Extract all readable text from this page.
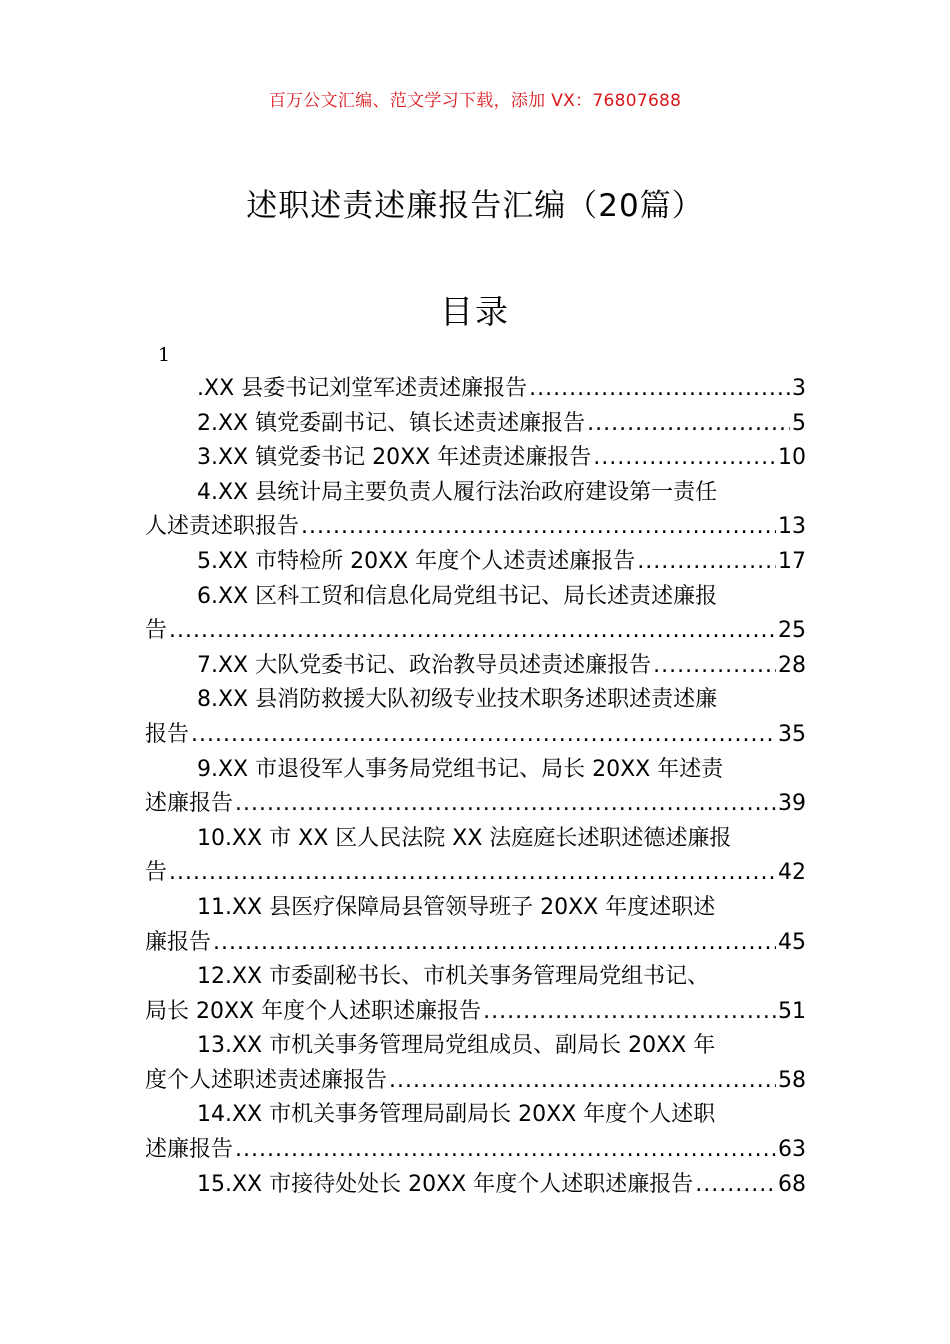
百万公文汇编、范文学习下载，添加 VX：76807688
述职述责述廉报告汇编（20篇）
目录
1
.XX 县委书记刘堂军述责述廉报告 .....	3
2.XX 镇党委副书记、镇长述责述廉报告 .....	5
3.XX 镇党委书记 20XX 年述责述廉报告 .....	10
4.XX 县统计局主要负责人履行法治政府建设第一责任
人述责述职报告 .....	13
5.XX 市特检所 20XX 年度个人述责述廉报告 .....	17
6.XX 区科工贸和信息化局党组书记、局长述责述廉报
告 .....	25
7.XX 大队党委书记、政治教导员述责述廉报告 .....	28
8.XX 县消防救援大队初级专业技术职务述职述责述廉
报告 .....	35
9.XX 市退役军人事务局党组书记、局长 20XX 年述责
述廉报告 .....	39
10.XX 市 XX 区人民法院 XX 法庭庭长述职述德述廉报
告 .....	42
11.XX 县医疗保障局县管领导班子 20XX 年度述职述
廉报告 .....	45
12.XX 市委副秘书长、市机关事务管理局党组书记、
局长 20XX 年度个人述职述廉报告 .....	51
13.XX 市机关事务管理局党组成员、副局长 20XX 年
度个人述职述责述廉报告 .....	58
14.XX 市机关事务管理局副局长 20XX 年度个人述职
述廉报告 .....	63
15.XX 市接待处处长 20XX 年度个人述职述廉报告 .....	68
